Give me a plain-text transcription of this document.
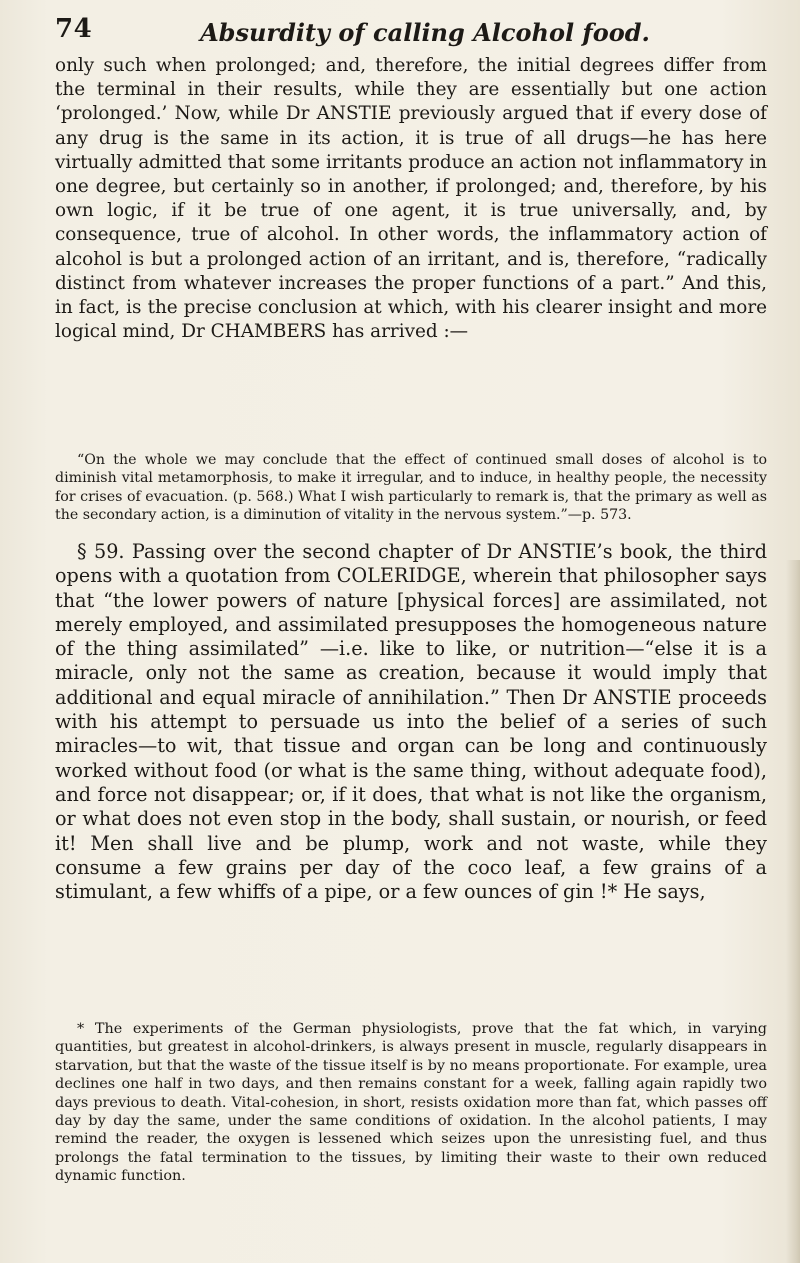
74	Absurdity of calling Alcohol food.

only such when prolonged; and, therefore, the initial degrees differ from the terminal in their results, while they are essentially but one action ‘prolonged.’ Now, while Dr ANSTIE previously argued that if every dose of any drug is the same in its action, it is true of all drugs—he has here virtually admitted that some irritants produce an action not inflammatory in one degree, but certainly so in another, if prolonged; and, therefore, by his own logic, if it be true of one agent, it is true universally, and, by consequence, true of alcohol. In other words, the inflammatory action of alcohol is but a prolonged action of an irritant, and is, therefore, “radically distinct from whatever increases the proper functions of a part.” And this, in fact, is the precise conclusion at which, with his clearer insight and more logical mind, Dr CHAMBERS has arrived :—

“On the whole we may conclude that the effect of continued small doses of alcohol is to diminish vital metamorphosis, to make it irregular, and to induce, in healthy people, the necessity for crises of evacuation. (p. 568.) What I wish particularly to remark is, that the primary as well as the secondary action, is a diminution of vitality in the nervous system.”—p. 573.

§ 59. Passing over the second chapter of Dr ANSTIE’s book, the third opens with a quotation from COLERIDGE, wherein that philosopher says that “the lower powers of nature [physical forces] are assimilated, not merely employed, and assimilated presupposes the homogeneous nature of the thing assimilated” —i.e. like to like, or nutrition—“else it is a miracle, only not the same as creation, because it would imply that additional and equal miracle of annihilation.” Then Dr ANSTIE proceeds with his attempt to persuade us into the belief of a series of such miracles—to wit, that tissue and organ can be long and continuously worked without food (or what is the same thing, without adequate food), and force not disappear; or, if it does, that what is not like the organism, or what does not even stop in the body, shall sustain, or nourish, or feed it! Men shall live and be plump, work and not waste, while they consume a few grains per day of the coco leaf, a few grains of a stimulant, a few whiffs of a pipe, or a few ounces of gin !* He says,

* The experiments of the German physiologists, prove that the fat which, in varying quantities, but greatest in alcohol-drinkers, is always present in muscle, regularly disappears in starvation, but that the waste of the tissue itself is by no means proportionate. For example, urea declines one half in two days, and then remains constant for a week, falling again rapidly two days previous to death. Vital-cohesion, in short, resists oxidation more than fat, which passes off day by day the same, under the same conditions of oxidation. In the alcohol patients, I may remind the reader, the oxygen is lessened which seizes upon the unresisting fuel, and thus prolongs the fatal termination to the tissues, by limiting their waste to their own reduced dynamic function.
